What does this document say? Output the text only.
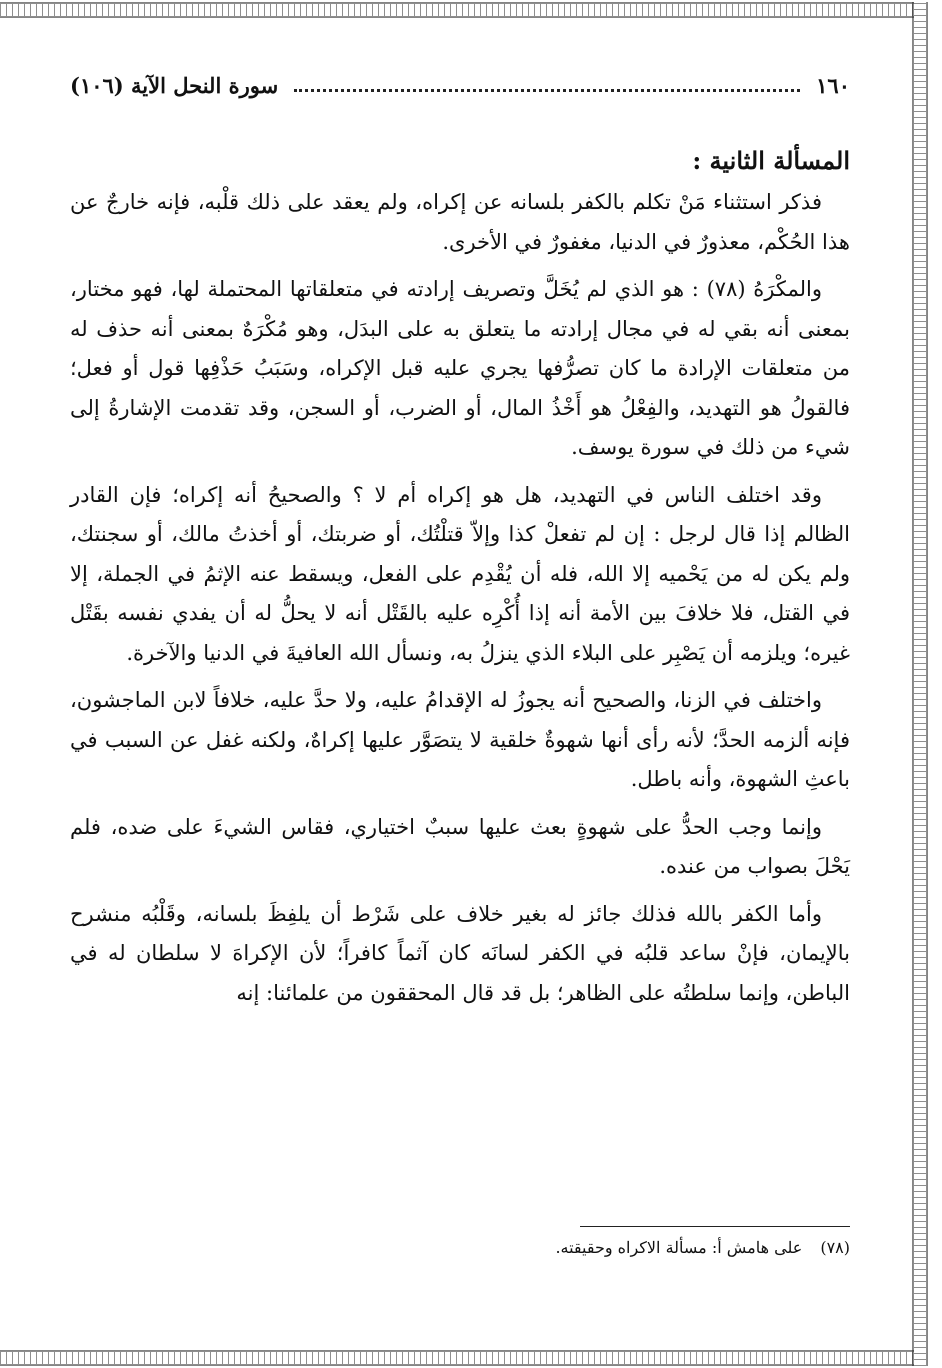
١٦٠
سورة النحل الآية (١٠٦)
المسألة الثانية :

فذكر استثناء مَنْ تكلم بالكفر بلسانه عن إكراه، ولم يعقد على ذلك قلْبه، فإنه خارجٌ عن هذا الحُكْم، معذورٌ في الدنيا، مغفورٌ في الأخرى.

والمكْرَهُ (٧٨) : هو الذي لم يُخَلَّ وتصريف إرادته في متعلقاتها المحتملة لها، فهو مختار، بمعنى أنه بقي له في مجال إرادته ما يتعلق به على البدَل، وهو مُكْرَهٌ بمعنى أنه حذف له من متعلقات الإرادة ما كان تصرُّفها يجري عليه قبل الإكراه، وسَبَبُ حَذْفِها قول أو فعل؛ فالقولُ هو التهديد، والفِعْلُ هو أَخْذُ المال، أو الضرب، أو السجن، وقد تقدمت الإشارةُ إلى شيء من ذلك في سورة يوسف.

وقد اختلف الناس في التهديد، هل هو إكراه أم لا ؟ والصحيحُ أنه إكراه؛ فإن القادر الظالم إذا قال لرجل : إن لم تفعلْ كذا وإلاّ قتلْتُك، أو ضربتك، أو أخذتُ مالك، أو سجنتك، ولم يكن له من يَحْميه إلا الله، فله أن يُقْدِم على الفعل، ويسقط عنه الإثمُ في الجملة، إلا في القتل، فلا خلافَ بين الأمة أنه إذا أُكْرِه عليه بالقَتْل أنه لا يحلُّ له أن يفدي نفسه بقَتْل غيره؛ ويلزمه أن يَصْبِر على البلاء الذي ينزلُ به، ونسأل الله العافيةَ في الدنيا والآخرة.

واختلف في الزنا، والصحيح أنه يجوزُ له الإقدامُ عليه، ولا حدَّ عليه، خلافاً لابن الماجشون، فإنه ألزمه الحدَّ؛ لأنه رأى أنها شهوةٌ خلقية لا يتصَوَّر عليها إكراهٌ، ولكنه غفل عن السبب في باعثِ الشهوة، وأنه باطل.

وإنما وجب الحدُّ على شهوةٍ بعث عليها سببٌ اختياري، فقاس الشيءَ على ضده، فلم يَحْلَ بصواب من عنده.

وأما الكفر بالله فذلك جائز له بغير خلاف على شَرْط أن يلفِظَ بلسانه، وقَلْبُه منشرح بالإيمان، فإنْ ساعد قلبُه في الكفر لسانَه كان آثماً كافراً؛ لأن الإكراهَ لا سلطان له في الباطن، وإنما سلطتُه على الظاهر؛ بل قد قال المحققون من علمائنا: إنه

(٧٨)
على هامش أ: مسألة الاكراه وحقيقته.
